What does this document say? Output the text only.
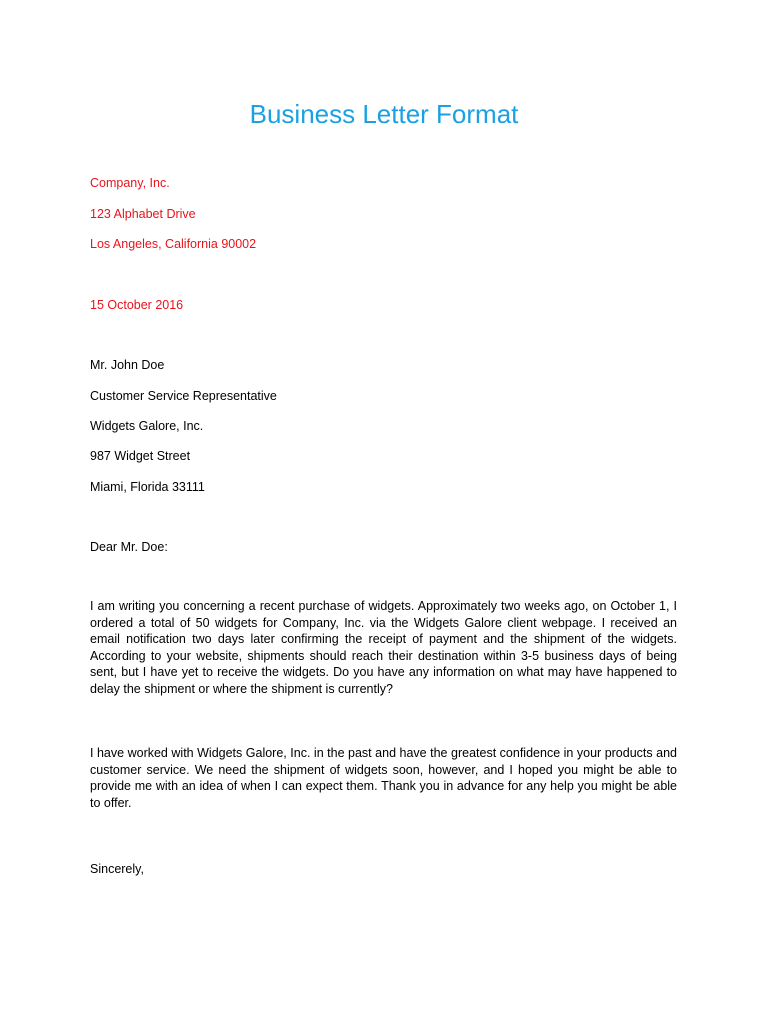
Business Letter Format
Company, Inc.
123 Alphabet Drive
Los Angeles, California 90002
15 October 2016
Mr. John Doe
Customer Service Representative
Widgets Galore, Inc.
987 Widget Street
Miami, Florida 33111
Dear Mr. Doe:
I am writing you concerning a recent purchase of widgets. Approximately two weeks ago, on October 1, I ordered a total of 50 widgets for Company, Inc. via the Widgets Galore client webpage. I received an email notification two days later confirming the receipt of payment and the shipment of the widgets. According to your website, shipments should reach their destination within 3-5 business days of being sent, but I have yet to receive the widgets. Do you have any information on what may have happened to delay the shipment or where the shipment is currently?
I have worked with Widgets Galore, Inc. in the past and have the greatest confidence in your products and customer service. We need the shipment of widgets soon, however, and I hoped you might be able to provide me with an idea of when I can expect them. Thank you in advance for any help you might be able to offer.
Sincerely,
